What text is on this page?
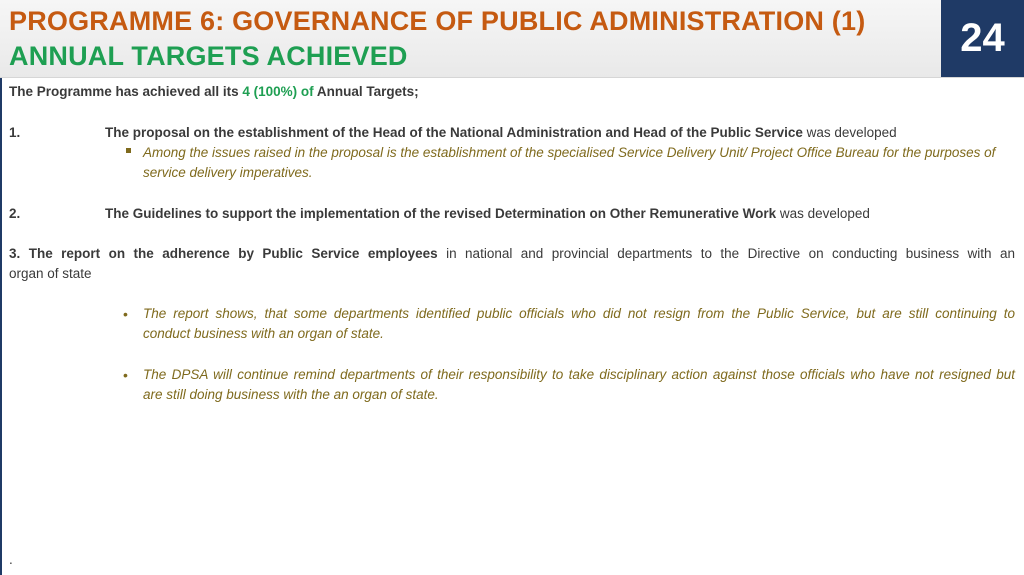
PROGRAMME 6: GOVERNANCE OF PUBLIC ADMINISTRATION (1)
ANNUAL TARGETS ACHIEVED	24
The Programme has achieved all its 4 (100%) of Annual Targets;
1.	The proposal on the establishment of the Head of the National Administration and Head of the Public Service was developed
Among the issues raised in the proposal is the establishment of the specialised Service Delivery Unit/ Project Office Bureau for the purposes of
service delivery imperatives.
2.	The Guidelines to support the implementation of the revised Determination on Other Remunerative Work was developed
3. The report on the adherence by Public Service employees in national and provincial departments to the Directive on conducting business with an
organ of state
• The report shows, that some departments identified public officials who did not resign from the Public Service, but are still continuing to
conduct business with an organ of state.
• The DPSA will continue remind departments of their responsibility to take disciplinary action against those officials who have not resigned but
are still doing business with the an organ of state.
.
